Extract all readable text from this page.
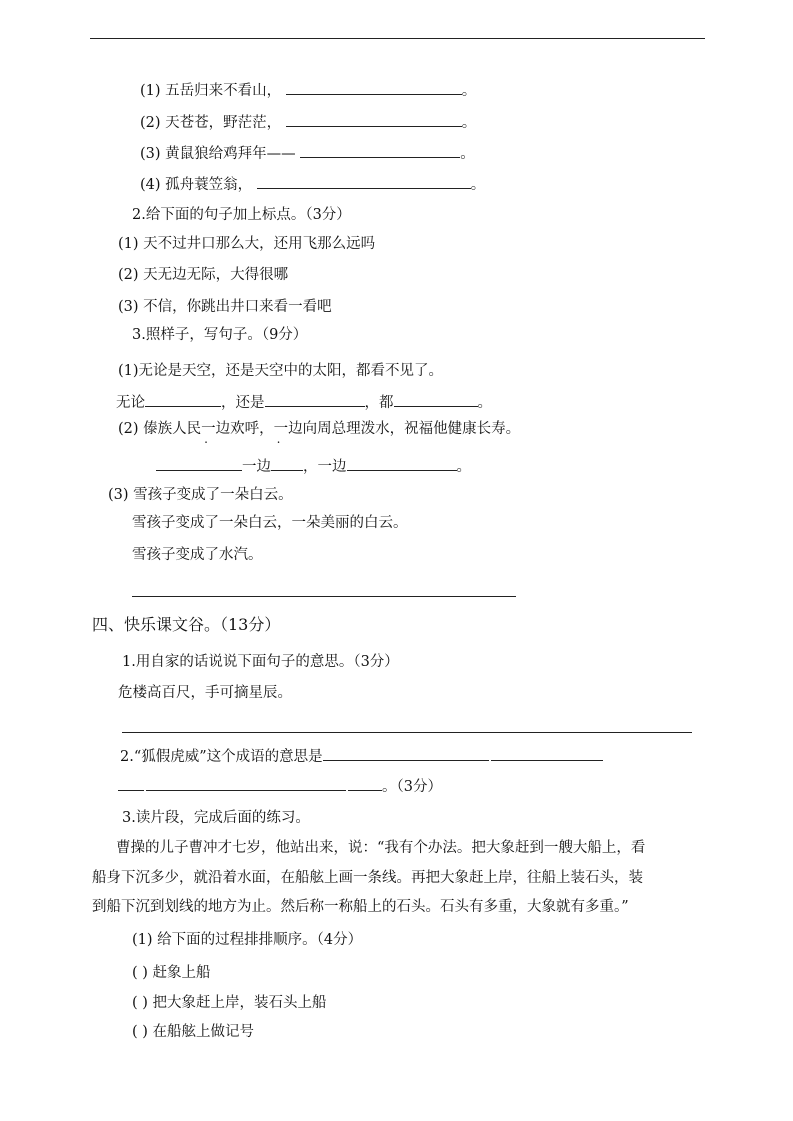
(1) 五岳归来不看山，	。
(2) 天苍苍，野茫茫，	。
(3) 黄鼠狼给鸡拜年——	。
(4) 孤舟蓑笠翁，	。
2.给下面的句子加上标点。（3分）
(1) 天不过井口那么大，还用飞那么远吗
(2) 天无边无际，大得很哪
(3) 不信，你跳出井口来看一看吧
3.照样子，写句子。（9分）
(1)无论是天空，还是天空中的太阳，都看不见了。
无论	，还是	，都	。
(2) 傣族人民一边欢呼，一边向周总理泼水，祝福他健康长寿。
一边 ，一边	。
(3) 雪孩子变成了一朵白云。
雪孩子变成了一朵白云，一朵美丽的白云。
雪孩子变成了水汽。
四、快乐课文谷。（13分）
1.用自家的话说说下面句子的意思。（3分）
危楼高百尺，手可摘星辰。
2.“狐假虎威”这个成语的意思是
。（3分）
3.读片段，完成后面的练习。
曹操的儿子曹冲才七岁，他站出来，说：“我有个办法。把大象赶到一艘大船上，看
船身下沉多少，就沿着水面，在船舷上画一条线。再把大象赶上岸，往船上装石头，装
到船下沉到划线的地方为止。然后称一称船上的石头。石头有多重，大象就有多重。”
(1) 给下面的过程排排顺序。（4分）
( ) 赶象上船
( ) 把大象赶上岸，装石头上船
( ) 在船舷上做记号
